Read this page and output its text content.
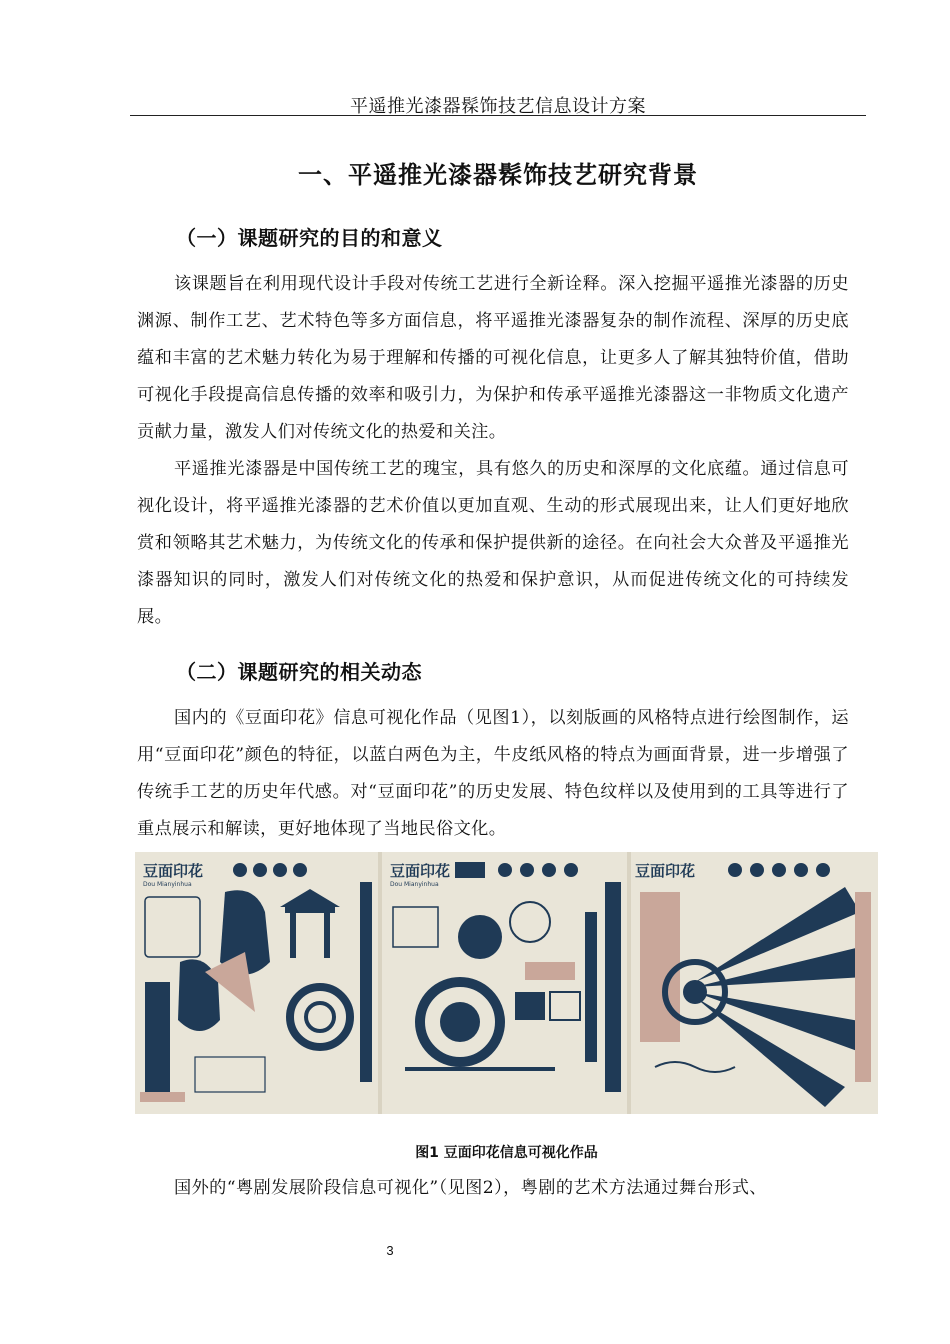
平遥推光漆器髹饰技艺信息设计方案
一、平遥推光漆器髹饰技艺研究背景
（一）课题研究的目的和意义

该课题旨在利用现代设计手段对传统工艺进行全新诠释。深入挖掘平遥推光漆器的历史渊源、制作工艺、艺术特色等多方面信息，将平遥推光漆器复杂的制作流程、深厚的历史底蕴和丰富的艺术魅力转化为易于理解和传播的可视化信息，让更多人了解其独特价值，借助可视化手段提高信息传播的效率和吸引力，为保护和传承平遥推光漆器这一非物质文化遗产贡献力量，激发人们对传统文化的热爱和关注。

平遥推光漆器是中国传统工艺的瑰宝，具有悠久的历史和深厚的文化底蕴。通过信息可视化设计，将平遥推光漆器的艺术价值以更加直观、生动的形式展现出来，让人们更好地欣赏和领略其艺术魅力，为传统文化的传承和保护提供新的途径。在向社会大众普及平遥推光漆器知识的同时，激发人们对传统文化的热爱和保护意识，从而促进传统文化的可持续发展。

（二）课题研究的相关动态

国内的《豆面印花》信息可视化作品（见图1），以刻版画的风格特点进行绘图制作，运用“豆面印花”颜色的特征，以蓝白两色为主，牛皮纸风格的特点为画面背景，进一步增强了传统手工艺的历史年代感。对“豆面印花”的历史发展、特色纹样以及使用到的工具等进行了重点展示和解读，更好地体现了当地民俗文化。

豆面印花
Dou Mianyinhua
豆面印花
Dou Mianyinhua
豆面印花
图1 豆面印花信息可视化作品

国外的“粤剧发展阶段信息可视化”（见图2），粤剧的艺术方法通过舞台形式、

3
